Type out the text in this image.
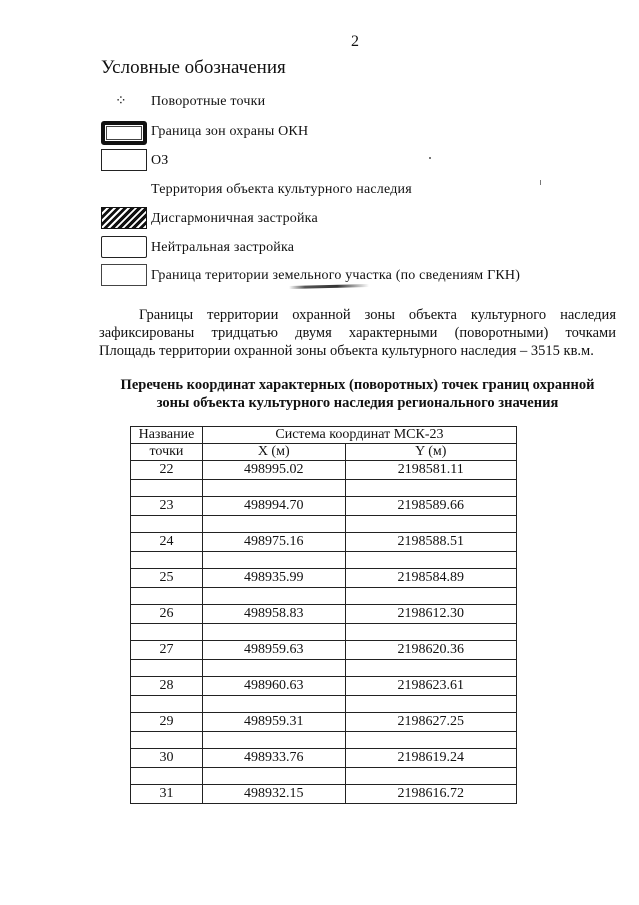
2
Условные обозначения
⁘ Поворотные точки
Граница зон охраны ОКН
ОЗ
Территория объекта культурного наследия
Дисгармоничная застройка
Нейтральная застройка
Граница територии земельного участка (по сведениям ГКН)

Границы территории охранной зоны объекта культурного наследия

зафиксированы тридцатью двумя характерными (поворотными) точками

Площадь территории охранной зоны объекта культурного наследия – 3515 кв.м.

Перечень координат характерных (поворотных) точек границ охранной
зоны объекта культурного наследия регионального значения
Название	Система координат МСК-23	
точки	X (м)	Y (м)
22	498995.02	2198581.11

23	498994.70	2198589.66

24	498975.16	2198588.51

25	498935.99	2198584.89

26	498958.83	2198612.30

27	498959.63	2198620.36

28	498960.63	2198623.61

29	498959.31	2198627.25

30	498933.76	2198619.24

31	498932.15	2198616.72
